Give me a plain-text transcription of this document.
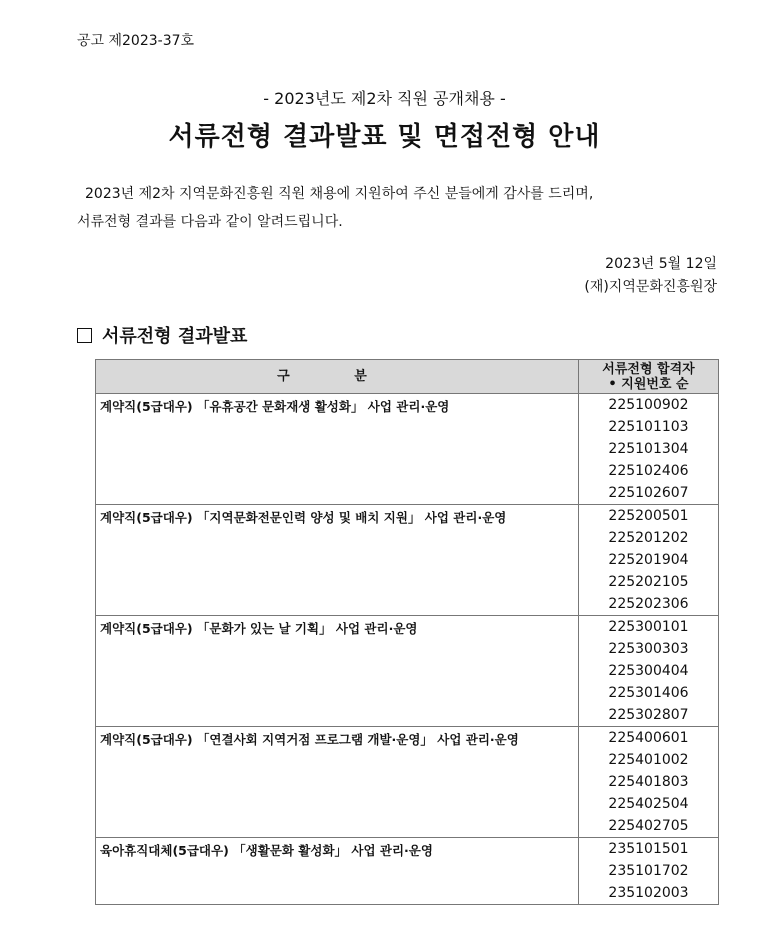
공고 제2023-37호
- 2023년도 제2차 직원 공개채용 -
서류전형 결과발표 및 면접전형 안내
2023년 제2차 지역문화진흥원 직원 채용에 지원하여 주신 분들에게 감사를 드리며,
서류전형 결과를 다음과 같이 알려드립니다.
2023년 5월 12일
(재)지역문화진흥원장
서류전형 결과발표
구 분	서류전형 합격자
• 지원번호 순

계약직(5급대우) 「유휴공간 문화재생 활성화」 사업 관리·운영	225100902
225101103
225101304
225102406
225102607

계약직(5급대우) 「지역문화전문인력 양성 및 배치 지원」 사업 관리·운영	225200501
225201202
225201904
225202105
225202306

계약직(5급대우) 「문화가 있는 날 기획」 사업 관리·운영	225300101
225300303
225300404
225301406
225302807

계약직(5급대우) 「연결사회 지역거점 프로그램 개발·운영」 사업 관리·운영	225400601
225401002
225401803
225402504
225402705

육아휴직대체(5급대우) 「생활문화 활성화」 사업 관리·운영	235101501
235101702
235102003
